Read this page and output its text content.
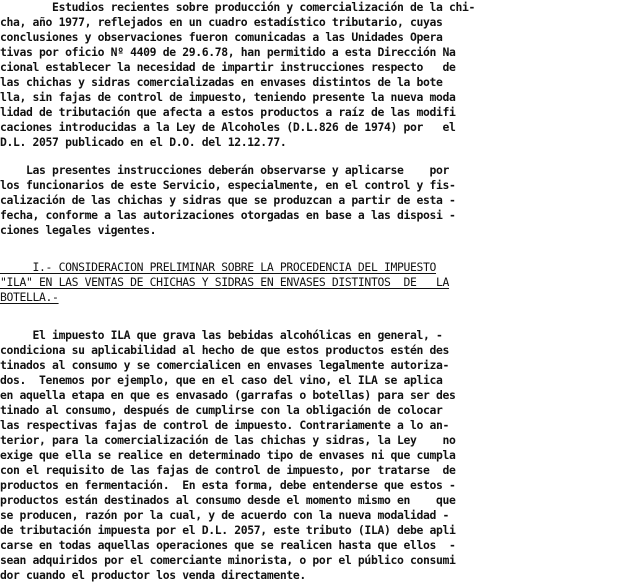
Estudios recientes sobre producción y comercialización de la chi-
cha, año 1977, reflejados en un cuadro estadístico tributario, cuyas
conclusiones y observaciones fueron comunicadas a las Unidades Opera
tivas por oficio Nº 4409 de 29.6.78, han permitido a esta Dirección Na
cional establecer la necesidad de impartir instrucciones respecto   de
las chichas y sidras comercializadas en envases distintos de la bote
lla, sin fajas de control de impuesto, teniendo presente la nueva moda
lidad de tributación que afecta a estos productos a raíz de las modifi
caciones introducidas a la Ley de Alcoholes (D.L.826 de 1974) por   el
D.L. 2057 publicado en el D.O. del 12.12.77.
Las presentes instrucciones deberán observarse y aplicarse    por
los funcionarios de este Servicio, especialmente, en el control y fis-
calización de las chichas y sidras que se produzcan a partir de esta -
fecha, conforme a las autorizaciones otorgadas en base a las disposi -
ciones legales vigentes.
I.- CONSIDERACION PRELIMINAR SOBRE LA PROCEDENCIA DEL IMPUESTO
"ILA" EN LAS VENTAS DE CHICHAS Y SIDRAS EN ENVASES DISTINTOS  DE   LA
BOTELLA.-
El impuesto ILA que grava las bebidas alcohólicas en general, -
condiciona su aplicabilidad al hecho de que estos productos estén des
tinados al consumo y se comercialicen en envases legalmente autoriza-
dos.  Tenemos por ejemplo, que en el caso del vino, el ILA se aplica
en aquella etapa en que es envasado (garrafas o botellas) para ser des
tinado al consumo, después de cumplirse con la obligación de colocar
las respectivas fajas de control de impuesto. Contrariamente a lo an-
terior, para la comercialización de las chichas y sidras, la Ley    no
exige que ella se realice en determinado tipo de envases ni que cumpla
con el requisito de las fajas de control de impuesto, por tratarse  de
productos en fermentación.  En esta forma, debe entenderse que estos -
productos están destinados al consumo desde el momento mismo en    que
se producen, razón por la cual, y de acuerdo con la nueva modalidad -
de tributación impuesta por el D.L. 2057, este tributo (ILA) debe apli
carse en todas aquellas operaciones que se realicen hasta que ellos  -
sean adquiridos por el comerciante minorista, o por el público consumi
dor cuando el productor los venda directamente.
